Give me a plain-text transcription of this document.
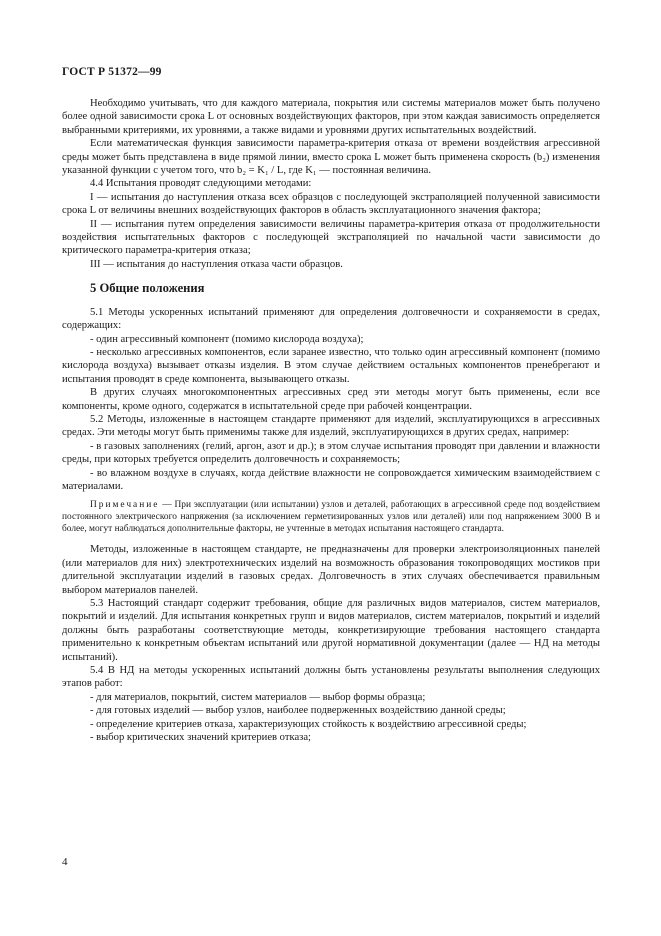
ГОСТ Р 51372—99

Необходимо учитывать, что для каждого материала, покрытия или системы материалов может быть получено более одной зависимости срока L от основных воздействующих факторов, при этом каждая зависимость определяется выбранными критериями, их уровнями, а также видами и уровнями других испытательных воздействий.

Если математическая функция зависимости параметра-критерия отказа от времени воздействия агрессивной среды может быть представлена в виде прямой линии, вместо срока L может быть применена скорость (b₂) изменения указанной функции с учетом того, что b₂ = K₁ / L, где K₁ — постоянная величина.

4.4 Испытания проводят следующими методами:

I — испытания до наступления отказа всех образцов с последующей экстраполяцией полученной зависимости срока L от величины внешних воздействующих факторов в область эксплуатационного значения фактора;

II — испытания путем определения зависимости величины параметра-критерия отказа от продолжительности воздействия испытательных факторов с последующей экстраполяцией по начальной части зависимости до критического параметра-критерия отказа;

III — испытания до наступления отказа части образцов.

5 Общие положения

5.1 Методы ускоренных испытаний применяют для определения долговечности и сохраняемости в средах, содержащих:

- один агрессивный компонент (помимо кислорода воздуха);

- несколько агрессивных компонентов, если заранее известно, что только один агрессивный компонент (помимо кислорода воздуха) вызывает отказы изделия. В этом случае действием остальных компонентов пренебрегают и испытания проводят в среде компонента, вызывающего отказы.

В других случаях многокомпонентных агрессивных сред эти методы могут быть применены, если все компоненты, кроме одного, содержатся в испытательной среде при рабочей концентрации.

5.2 Методы, изложенные в настоящем стандарте применяют для изделий, эксплуатирующихся в агрессивных средах. Эти методы могут быть применимы также для изделий, эксплуатирующихся в других средах, например:

- в газовых заполнениях (гелий, аргон, азот и др.); в этом случае испытания проводят при давлении и влажности среды, при которых требуется определить долговечность и сохраняемость;

- во влажном воздухе в случаях, когда действие влажности не сопровождается химическим взаимодействием с материалами.

Примечание — При эксплуатации (или испытании) узлов и деталей, работающих в агрессивной среде под воздействием постоянного электрического напряжения (за исключением герметизированных узлов или деталей) или под напряжением 3000 В и более, могут наблюдаться дополнительные факторы, не учтенные в методах испытания настоящего стандарта.

Методы, изложенные в настоящем стандарте, не предназначены для проверки электроизоляционных панелей (или материалов для них) электротехнических изделий на возможность образования токопроводящих мостиков при длительной эксплуатации изделий в газовых средах. Долговечность в этих случаях обеспечивается правильным выбором материалов панелей.

5.3 Настоящий стандарт содержит требования, общие для различных видов материалов, систем материалов, покрытий и изделий. Для испытания конкретных групп и видов материалов, систем материалов, покрытий и изделий должны быть разработаны соответствующие методы, конкретизирующие требования настоящего стандарта применительно к конкретным объектам испытаний или другой нормативной документации (далее — НД на методы испытаний).

5.4 В НД на методы ускоренных испытаний должны быть установлены результаты выполнения следующих этапов работ:

- для материалов, покрытий, систем материалов — выбор формы образца;

- для готовых изделий — выбор узлов, наиболее подверженных воздействию данной среды;

- определение критериев отказа, характеризующих стойкость к воздействию агрессивной среды;

- выбор критических значений критериев отказа;

4
